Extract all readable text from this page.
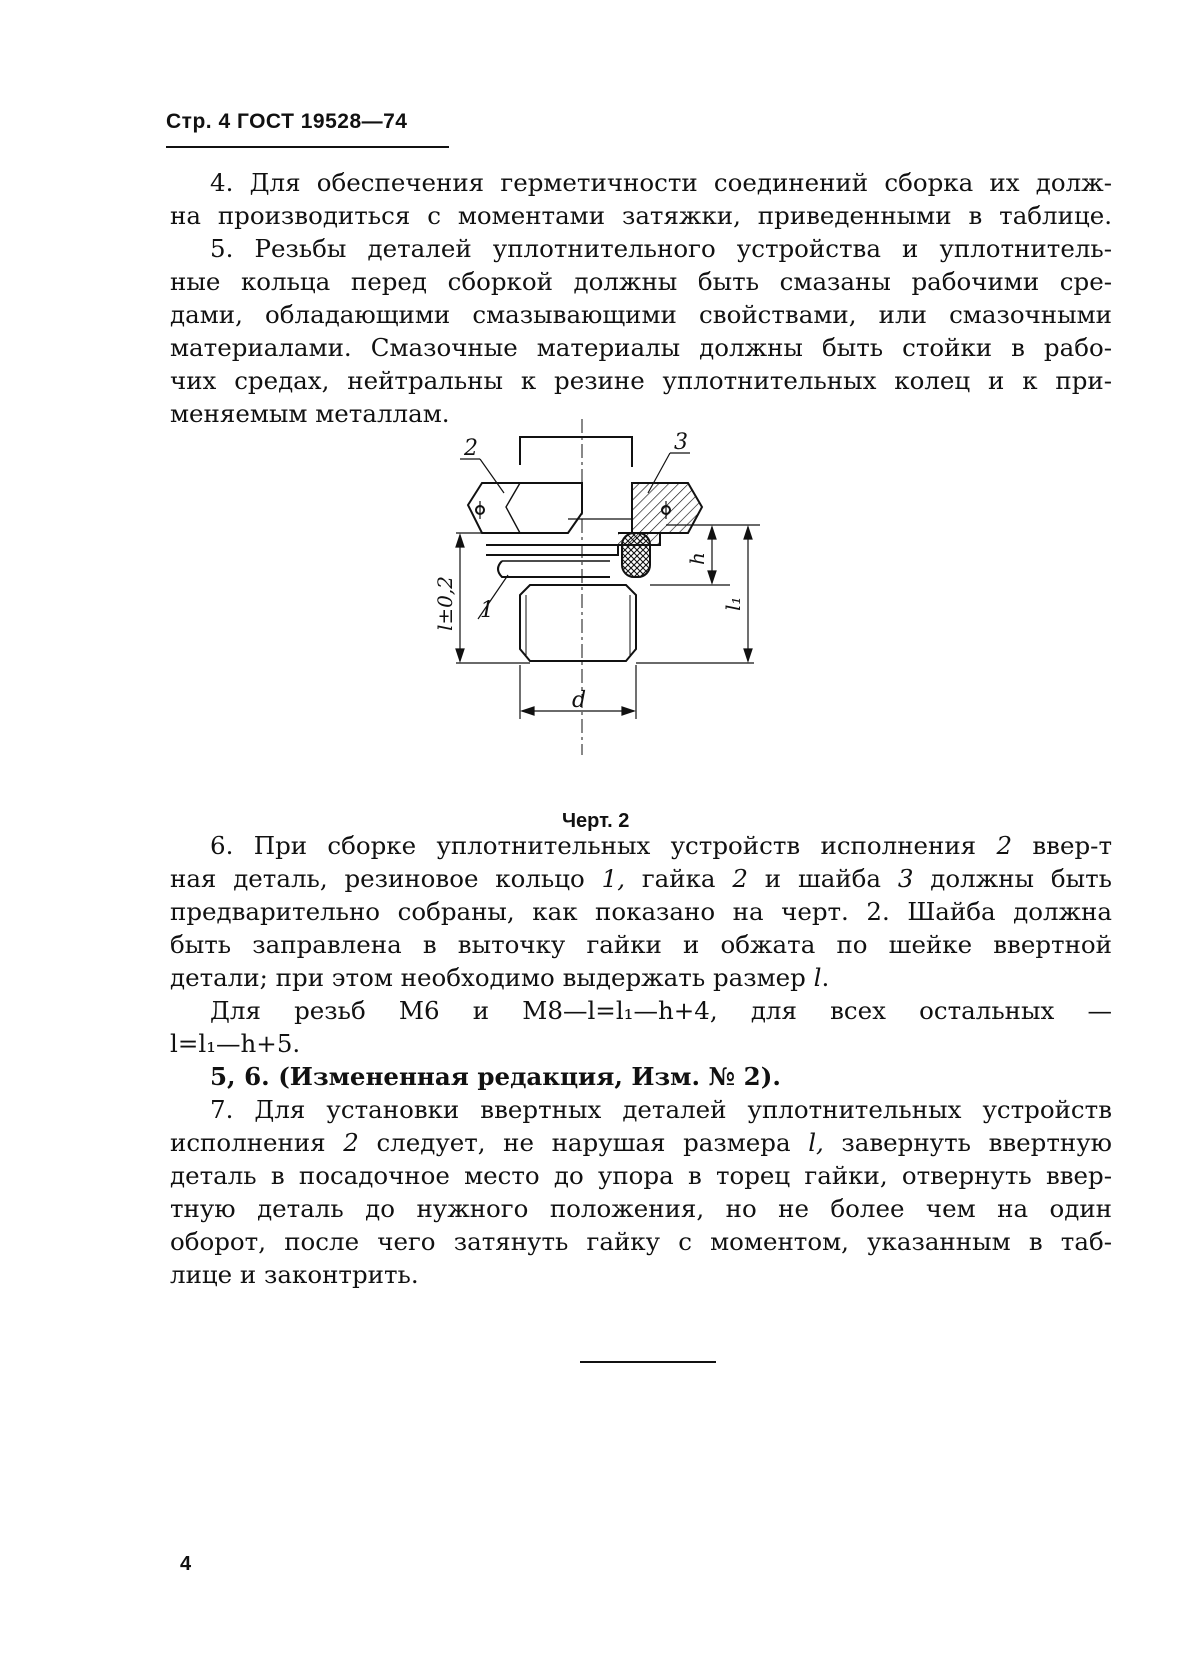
Стр. 4 ГОСТ 19528—74
4. Для обеспечения герметичности соединений сборка их долж-
на производиться с моментами затяжки, приведенными в таблице.
5. Резьбы деталей уплотнительного устройства и уплотнитель-
ные кольца перед сборкой должны быть смазаны рабочими сре-
дами, обладающими смазывающими свойствами, или смазочными
материалами. Смазочные материалы должны быть стойки в рабо-
чих средах, нейтральны к резине уплотнительных колец и к при-
меняемым металлам.
2	3
1
d
l±0,2
h
l₁
Черт. 2
6. При сборке уплотнительных устройств исполнения 2 ввер-т
ная деталь, резиновое кольцо 1, гайка 2 и шайба 3 должны быть
предварительно собраны, как показано на черт. 2. Шайба должна
быть заправлена в выточку гайки и обжата по шейке ввертной
детали; при этом необходимо выдержать размер l.
Для резьб М6 и М8—l=l₁—h+4, для всех остальных —
l=l₁—h+5.
5, 6. (Измененная редакция, Изм. № 2).
7. Для установки ввертных деталей уплотнительных устройств
исполнения 2 следует, не нарушая размера l, завернуть ввертную
деталь в посадочное место до упора в торец гайки, отвернуть ввер-
тную деталь до нужного положения, но не более чем на один
оборот, после чего затянуть гайку с моментом, указанным в таб-
лице и законтрить.
4
